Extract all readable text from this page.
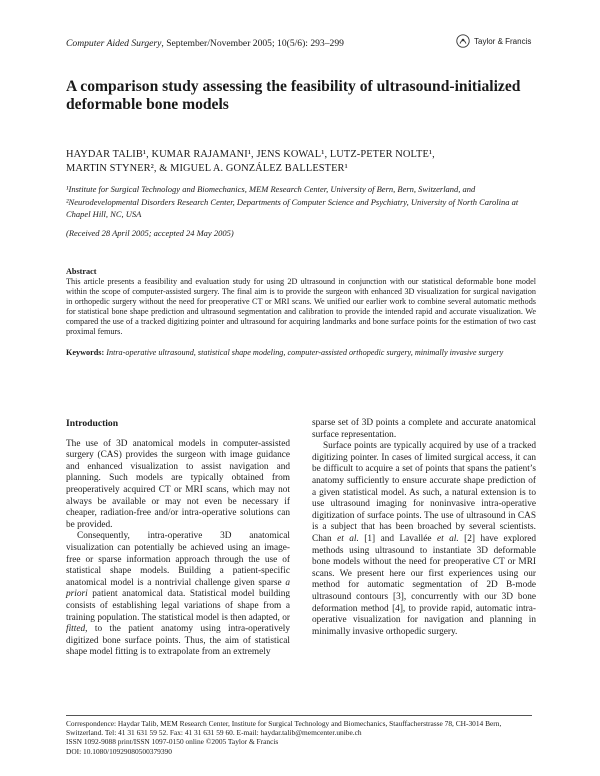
Computer Aided Surgery, September/November 2005; 10(5/6): 293–299	Taylor & Francis
A comparison study assessing the feasibility of ultrasound-initialized deformable bone models
HAYDAR TALIB¹, KUMAR RAJAMANI¹, JENS KOWAL¹, LUTZ-PETER NOLTE¹,
MARTIN STYNER², & MIGUEL A. GONZÁLEZ BALLESTER¹
¹Institute for Surgical Technology and Biomechanics, MEM Research Center, University of Bern, Bern, Switzerland, and
²Neurodevelopmental Disorders Research Center, Departments of Computer Science and Psychiatry, University of North Carolina at Chapel Hill, NC, USA
(Received 28 April 2005; accepted 24 May 2005)
Abstract
This article presents a feasibility and evaluation study for using 2D ultrasound in conjunction with our statistical deformable bone model within the scope of computer-assisted surgery. The final aim is to provide the surgeon with enhanced 3D visualization for surgical navigation in orthopedic surgery without the need for preoperative CT or MRI scans. We unified our earlier work to combine several automatic methods for statistical bone shape prediction and ultrasound segmentation and calibration to provide the intended rapid and accurate visualization. We compared the use of a tracked digitizing pointer and ultrasound for acquiring landmarks and bone surface points for the estimation of two cast proximal femurs.
Keywords: Intra-operative ultrasound, statistical shape modeling, computer-assisted orthopedic surgery, minimally invasive surgery
Introduction

The use of 3D anatomical models in computer-assisted surgery (CAS) provides the surgeon with image guidance and enhanced visualization to assist navigation and planning. Such models are typically obtained from preoperatively acquired CT or MRI scans, which may not always be available or may not even be necessary if cheaper, radiation-free and/or intra-operative solutions can be provided.

Consequently, intra-operative 3D anatomical visualization can potentially be achieved using an image-free or sparse information approach through the use of statistical shape models. Building a patient-specific anatomical model is a nontrivial challenge given sparse a priori patient anatomical data. Statistical model building consists of establishing legal variations of shape from a training population. The statistical model is then adapted, or fitted, to the patient anatomy using intra-operatively digitized bone surface points. Thus, the aim of statistical shape model fitting is to extrapolate from an extremely

sparse set of 3D points a complete and accurate anatomical surface representation.

Surface points are typically acquired by use of a tracked digitizing pointer. In cases of limited surgical access, it can be difficult to acquire a set of points that spans the patient’s anatomy sufficiently to ensure accurate shape prediction of a given statistical model. As such, a natural extension is to use ultrasound imaging for noninvasive intra-operative digitization of surface points. The use of ultrasound in CAS is a subject that has been broached by several scientists. Chan et al. [1] and Lavallée et al. [2] have explored methods using ultrasound to instantiate 3D deformable bone models without the need for preoperative CT or MRI scans. We present here our first experiences using our method for automatic segmentation of 2D B-mode ultrasound contours [3], concurrently with our 3D bone deformation method [4], to provide rapid, automatic intra-operative visualization for navigation and planning in minimally invasive orthopedic surgery.

Correspondence: Haydar Talib, MEM Research Center, Institute for Surgical Technology and Biomechanics, Stauffacherstrasse 78, CH-3014 Bern, Switzerland. Tel: 41 31 631 59 52. Fax: 41 31 631 59 60. E-mail: haydar.talib@memcenter.unibe.ch
ISSN 1092-9088 print/ISSN 1097-0150 online ©2005 Taylor & Francis
DOI: 10.1080/10929080500379390
